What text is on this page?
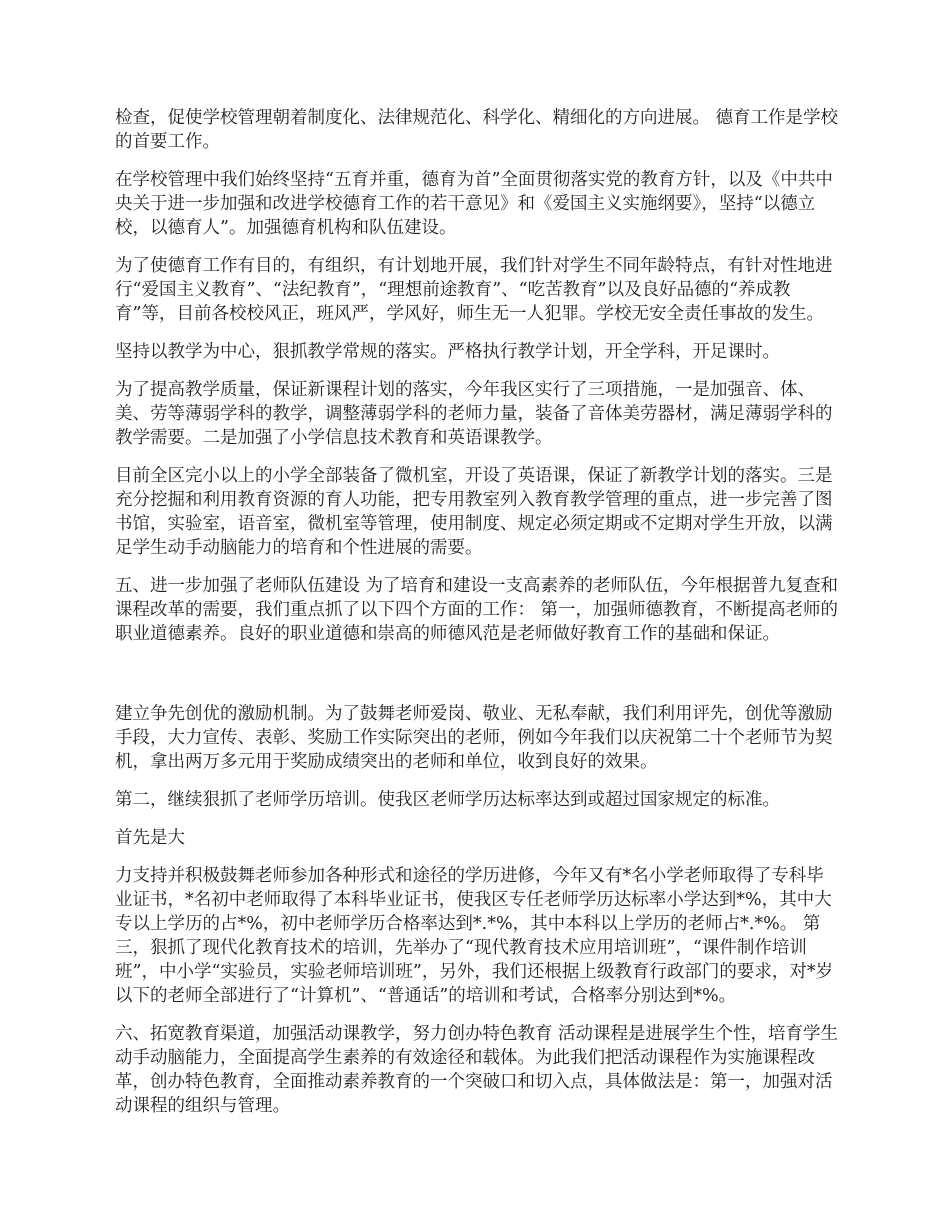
检查，促使学校管理朝着制度化、法律规范化、科学化、精细化的方向进展。 德育工作是学校的首要工作。

在学校管理中我们始终坚持“五育并重，德育为首”全面贯彻落实党的教育方针，以及《中共中央关于进一步加强和改进学校德育工作的若干意见》和《爱国主义实施纲要》，坚持“以德立校，以德育人”。加强德育机构和队伍建设。

为了使德育工作有目的，有组织，有计划地开展，我们针对学生不同年龄特点，有针对性地进行“爱国主义教育”、“法纪教育”，“理想前途教育”、“吃苦教育”以及良好品德的“养成教育”等，目前各校校风正，班风严，学风好，师生无一人犯罪。学校无安全责任事故的发生。

坚持以教学为中心，狠抓教学常规的落实。严格执行教学计划，开全学科，开足课时。

为了提高教学质量，保证新课程计划的落实，今年我区实行了三项措施，一是加强音、体、美、劳等薄弱学科的教学，调整薄弱学科的老师力量，装备了音体美劳器材，满足薄弱学科的教学需要。二是加强了小学信息技术教育和英语课教学。

目前全区完小以上的小学全部装备了微机室，开设了英语课，保证了新教学计划的落实。三是充分挖掘和利用教育资源的育人功能，把专用教室列入教育教学管理的重点，进一步完善了图书馆，实验室，语音室，微机室等管理，使用制度、规定必须定期或不定期对学生开放，以满足学生动手动脑能力的培育和个性进展的需要。

五、进一步加强了老师队伍建设 为了培育和建设一支高素养的老师队伍，今年根据普九复查和课程改革的需要，我们重点抓了以下四个方面的工作： 第一，加强师德教育，不断提高老师的职业道德素养。良好的职业道德和崇高的师德风范是老师做好教育工作的基础和保证。

建立争先创优的激励机制。为了鼓舞老师爱岗、敬业、无私奉献，我们利用评先，创优等激励手段，大力宣传、表彰、奖励工作实际突出的老师，例如今年我们以庆祝第二十个老师节为契机，拿出两万多元用于奖励成绩突出的老师和单位，收到良好的效果。

第二，继续狠抓了老师学历培训。使我区老师学历达标率达到或超过国家规定的标准。

首先是大

力支持并积极鼓舞老师参加各种形式和途径的学历进修，今年又有*名小学老师取得了专科毕业证书，*名初中老师取得了本科毕业证书，使我区专任老师学历达标率小学达到*%，其中大专以上学历的占*%，初中老师学历合格率达到*.*%，其中本科以上学历的老师占*.*%。 第三，狠抓了现代化教育技术的培训，先举办了“现代教育技术应用培训班”，“课件制作培训班”，中小学“实验员，实验老师培训班”，另外，我们还根据上级教育行政部门的要求，对*岁以下的老师全部进行了“计算机”、“普通话”的培训和考试，合格率分别达到*%。

六、拓宽教育渠道，加强活动课教学，努力创办特色教育 活动课程是进展学生个性，培育学生动手动脑能力，全面提高学生素养的有效途径和载体。为此我们把活动课程作为实施课程改革，创办特色教育，全面推动素养教育的一个突破口和切入点，具体做法是：第一，加强对活动课程的组织与管理。
